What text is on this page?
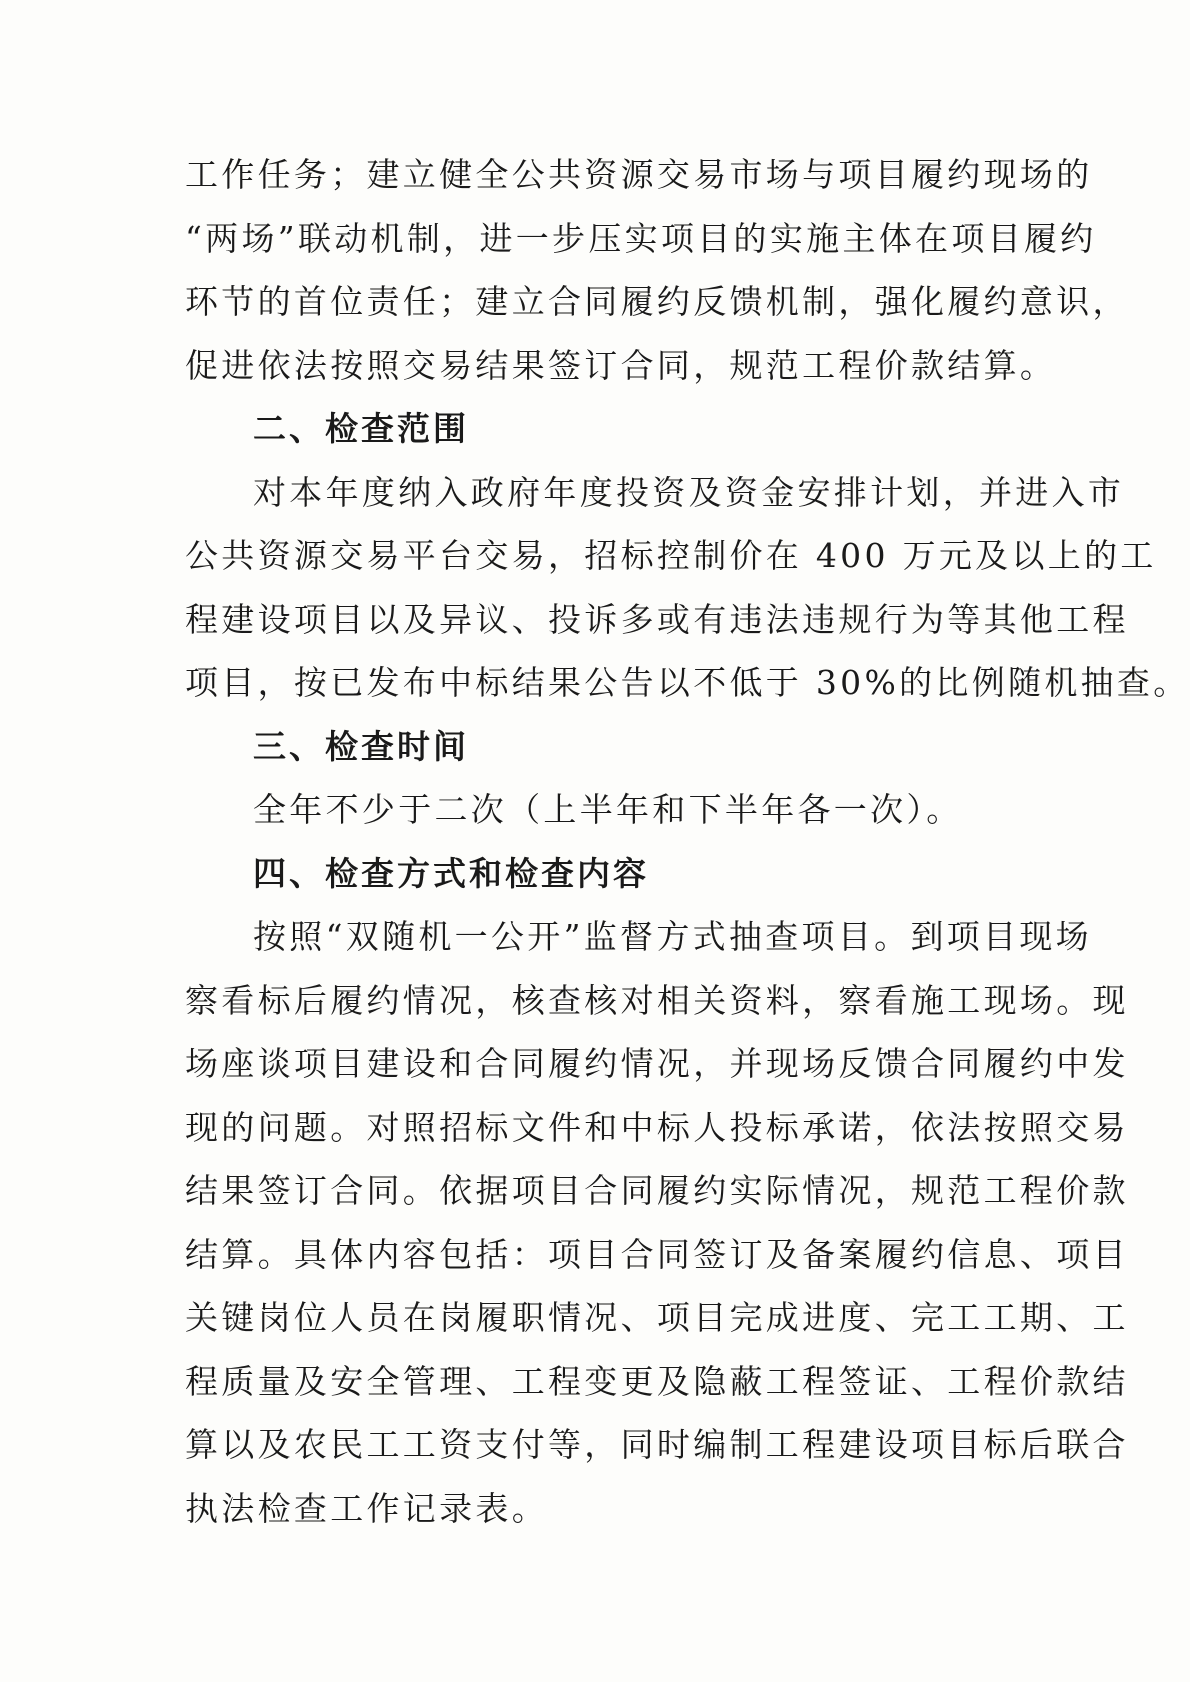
工作任务；建立健全公共资源交易市场与项目履约现场的
“两场”联动机制，进一步压实项目的实施主体在项目履约
环节的首位责任；建立合同履约反馈机制，强化履约意识，
促进依法按照交易结果签订合同，规范工程价款结算。
二、检查范围
对本年度纳入政府年度投资及资金安排计划，并进入市
公共资源交易平台交易，招标控制价在 400 万元及以上的工
程建设项目以及异议、投诉多或有违法违规行为等其他工程
项目，按已发布中标结果公告以不低于 30%的比例随机抽查。
三、检查时间
全年不少于二次（上半年和下半年各一次）。
四、检查方式和检查内容
按照“双随机一公开”监督方式抽查项目。到项目现场
察看标后履约情况，核查核对相关资料，察看施工现场。现
场座谈项目建设和合同履约情况，并现场反馈合同履约中发
现的问题。对照招标文件和中标人投标承诺，依法按照交易
结果签订合同。依据项目合同履约实际情况，规范工程价款
结算。具体内容包括：项目合同签订及备案履约信息、项目
关键岗位人员在岗履职情况、项目完成进度、完工工期、工
程质量及安全管理、工程变更及隐蔽工程签证、工程价款结
算以及农民工工资支付等，同时编制工程建设项目标后联合
执法检查工作记录表。
